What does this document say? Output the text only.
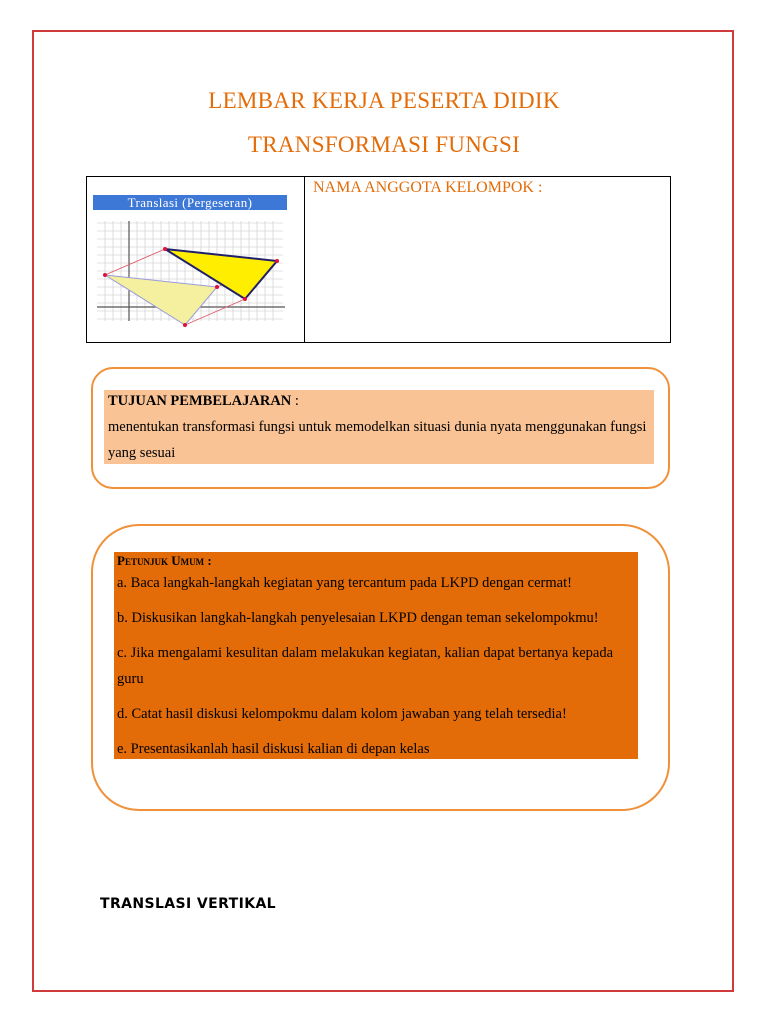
LEMBAR KERJA PESERTA DIDIK
TRANSFORMASI FUNGSI
Translasi (Pergeseran)
NAMA ANGGOTA KELOMPOK :
TUJUAN PEMBELAJARAN :
menentukan transformasi fungsi untuk memodelkan situasi dunia nyata menggunakan fungsi yang sesuai
Petunjuk Umum :
a. Baca langkah-langkah kegiatan yang tercantum pada LKPD dengan cermat!
b. Diskusikan langkah-langkah penyelesaian LKPD dengan teman sekelompokmu!
c. Jika mengalami kesulitan dalam melakukan kegiatan, kalian dapat bertanya kepada guru
d. Catat hasil diskusi kelompokmu dalam kolom jawaban yang telah tersedia!
e. Presentasikanlah hasil diskusi kalian di depan kelas
TRANSLASI VERTIKAL
